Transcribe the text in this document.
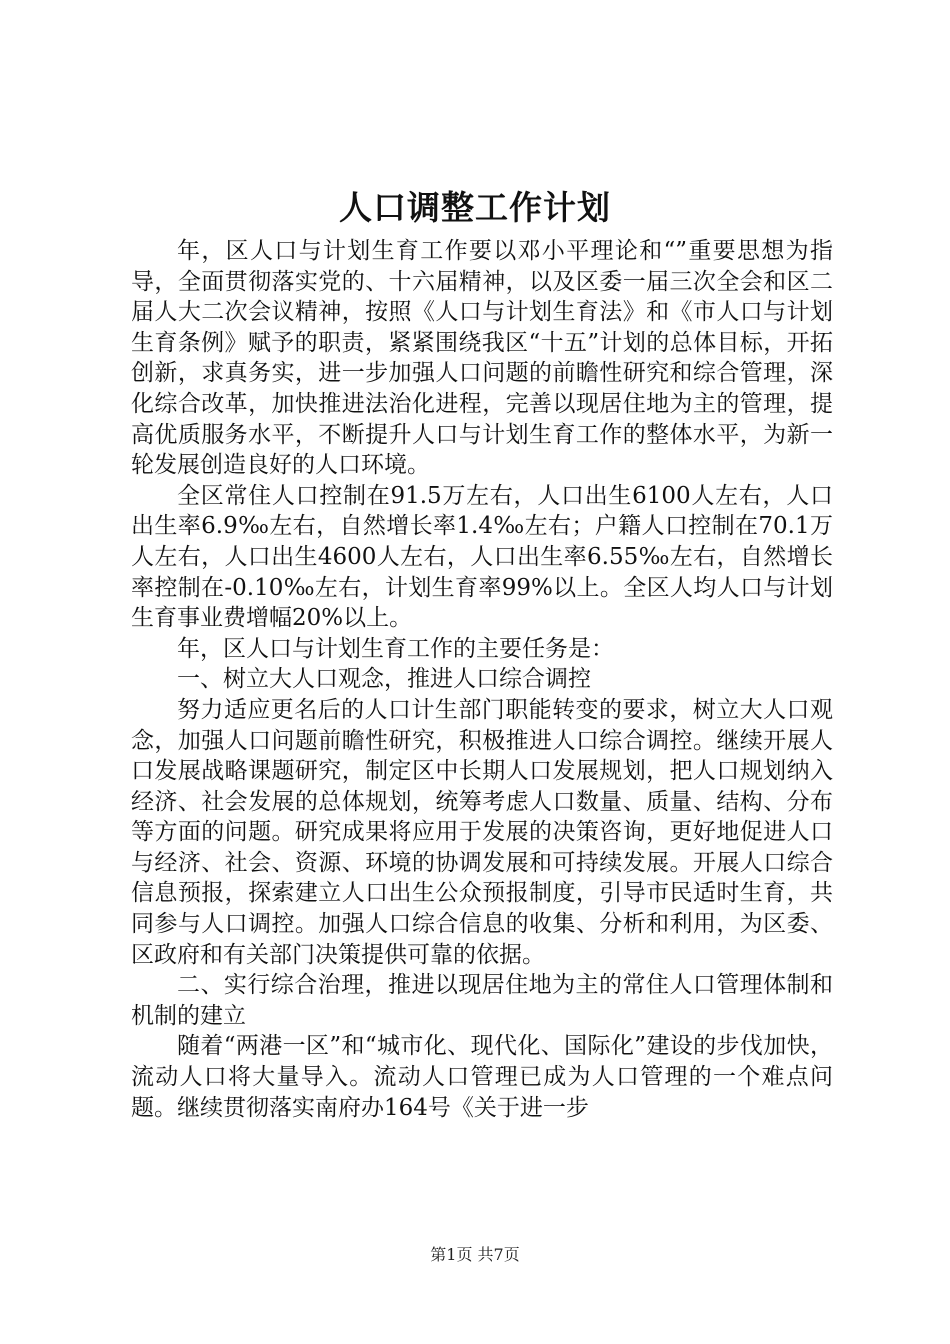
人口调整工作计划

年，区人口与计划生育工作要以邓小平理论和“”重要思想为指导，全面贯彻落实党的、十六届精神，以及区委一届三次全会和区二届人大二次会议精神，按照《人口与计划生育法》和《市人口与计划生育条例》赋予的职责，紧紧围绕我区“十五”计划的总体目标，开拓创新，求真务实，进一步加强人口问题的前瞻性研究和综合管理，深化综合改革，加快推进法治化进程，完善以现居住地为主的管理，提高优质服务水平，不断提升人口与计划生育工作的整体水平，为新一轮发展创造良好的人口环境。

全区常住人口控制在91.5万左右，人口出生6100人左右，人口出生率6.9‰左右，自然增长率1.4‰左右；户籍人口控制在70.1万人左右，人口出生4600人左右，人口出生率6.55‰左右，自然增长率控制在-0.10‰左右，计划生育率99%以上。全区人均人口与计划生育事业费增幅20%以上。

年，区人口与计划生育工作的主要任务是：

一、树立大人口观念，推进人口综合调控

努力适应更名后的人口计生部门职能转变的要求，树立大人口观念，加强人口问题前瞻性研究，积极推进人口综合调控。继续开展人口发展战略课题研究，制定区中长期人口发展规划，把人口规划纳入经济、社会发展的总体规划，统筹考虑人口数量、质量、结构、分布等方面的问题。研究成果将应用于发展的决策咨询，更好地促进人口与经济、社会、资源、环境的协调发展和可持续发展。开展人口综合信息预报，探索建立人口出生公众预报制度，引导市民适时生育，共同参与人口调控。加强人口综合信息的收集、分析和利用，为区委、区政府和有关部门决策提供可靠的依据。

二、实行综合治理，推进以现居住地为主的常住人口管理体制和机制的建立

随着“两港一区”和“城市化、现代化、国际化”建设的步伐加快，流动人口将大量导入。流动人口管理已成为人口管理的一个难点问题。继续贯彻落实南府办164号《关于进一步

第1页 共7页
